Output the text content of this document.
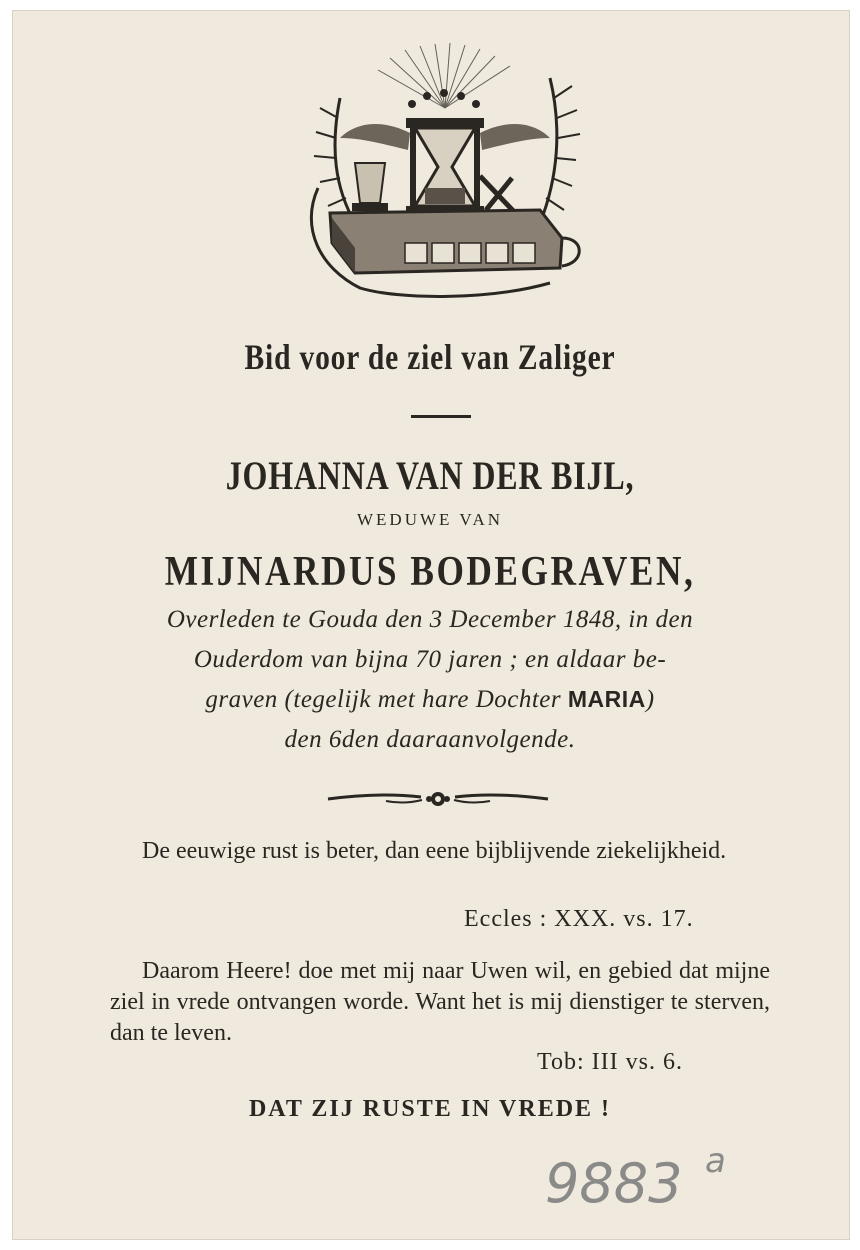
Bid voor de ziel van Zaliger
JOHANNA VAN DER BIJL,
WEDUWE VAN
MIJNARDUS BODEGRAVEN,
Overleden te Gouda den 3 December 1848, in den
Ouderdom van bijna 70 jaren ; en aldaar be-
graven (tegelijk met hare Dochter MARIA)
den 6den daaraanvolgende.
De eeuwige rust is beter, dan eene bijblijvende ziekelijkheid.
Eccles : XXX. vs. 17.
Daarom Heere! doe met mij naar Uwen wil, en gebied dat mijne ziel in vrede ontvangen worde. Want het is mij dienstiger te sterven, dan te leven.
Tob: III vs. 6.
DAT ZIJ RUSTE IN VREDE !
9883 a
